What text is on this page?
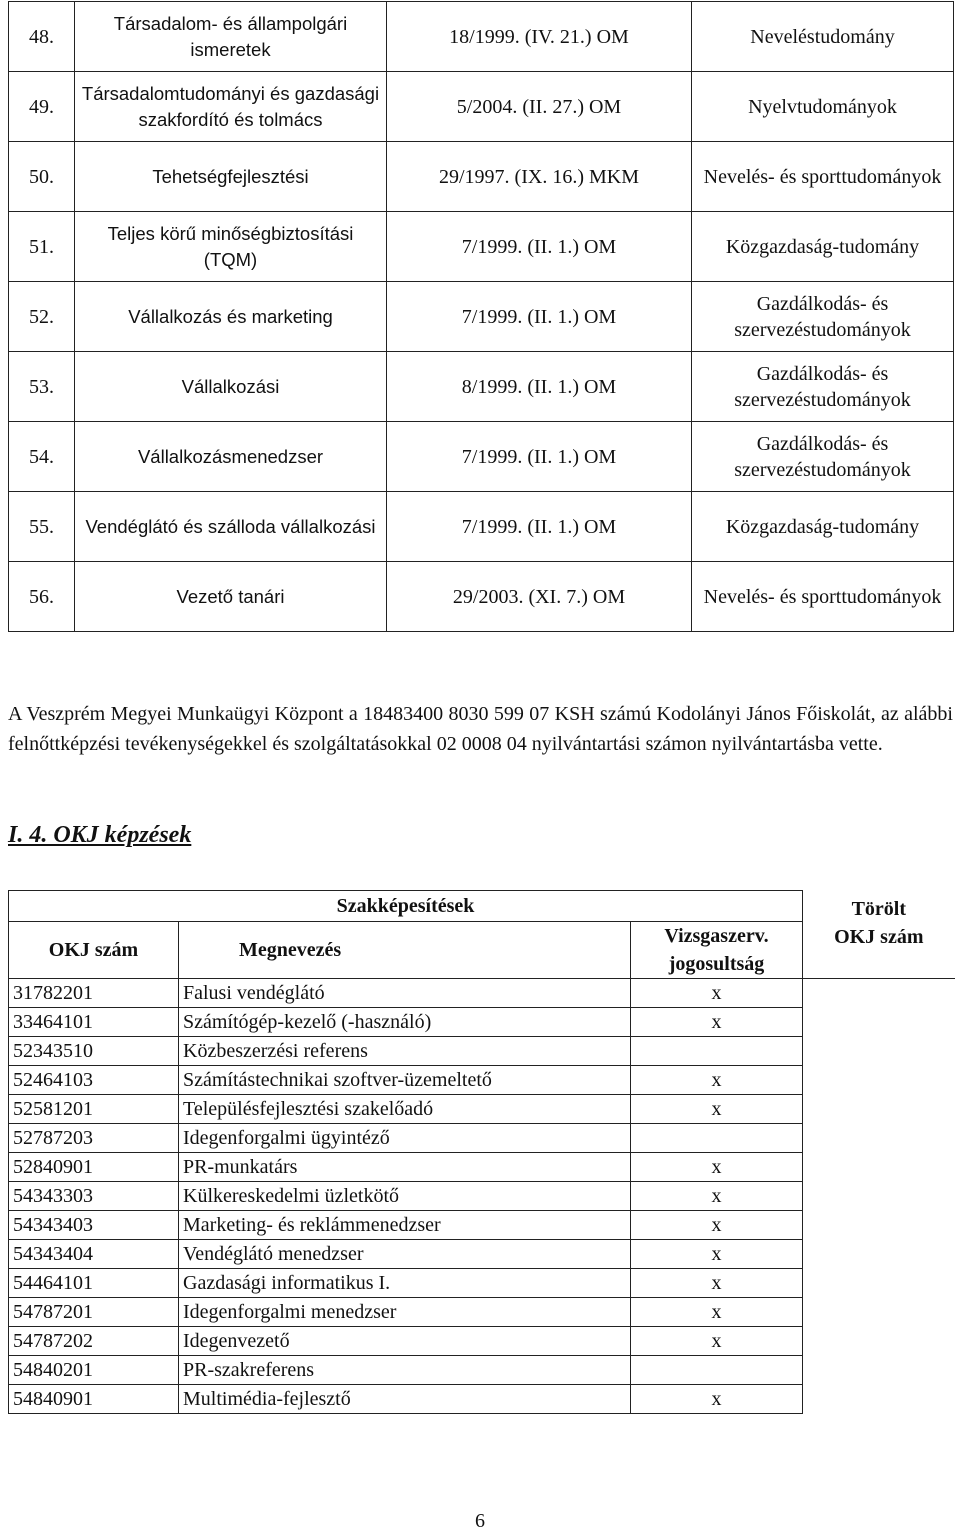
48.	Társadalom- és állampolgári ismeretek	18/1999. (IV. 21.) OM	Neveléstudomány
49.	Társadalomtudományi és gazdasági szakfordító és tolmács	5/2004. (II. 27.) OM	Nyelvtudományok
50.	Tehetségfejlesztési	29/1997. (IX. 16.) MKM	Nevelés- és sporttudományok
51.	Teljes körű minőségbiztosítási (TQM)	7/1999. (II. 1.) OM	Közgazdaság-tudomány
52.	Vállalkozás és marketing	7/1999. (II. 1.) OM	Gazdálkodás- és szervezéstudományok
53.	Vállalkozási	8/1999. (II. 1.) OM	Gazdálkodás- és szervezéstudományok
54.	Vállalkozásmenedzser	7/1999. (II. 1.) OM	Gazdálkodás- és szervezéstudományok
55.	Vendéglátó és szálloda vállalkozási	7/1999. (II. 1.) OM	Közgazdaság-tudomány
56.	Vezető tanári	29/2003. (XI. 7.) OM	Nevelés- és sporttudományok

A Veszprém Megyei Munkaügyi Központ a 18483400 8030 599 07 KSH számú Kodolányi János Főiskolát, az alábbi felnőttképzési tevékenységekkel és szolgáltatásokkal 02 0008 04 nyilvántartási számon nyilvántartásba vette.

I. 4. OKJ képzések
Szakképesítések			Törölt
OKJ szám
OKJ szám	Megnevezés	Vizsgaszerv.
jogosultság	
31782201	Falusi vendéglátó	x	
33464101	Számítógép-kezelő (-használó)	x	
52343510	Közbeszerzési referens		
52464103	Számítástechnikai szoftver-üzemeltető	x	
52581201	Településfejlesztési szakelőadó	x	
52787203	Idegenforgalmi ügyintéző		
52840901	PR-munkatárs	x	
54343303	Külkereskedelmi üzletkötő	x	
54343403	Marketing- és reklámmenedzser	x	
54343404	Vendéglátó menedzser	x	
54464101	Gazdasági informatikus I.	x	
54787201	Idegenforgalmi menedzser	x	
54787202	Idegenvezető	x	
54840201	PR-szakreferens		
54840901	Multimédia-fejlesztő	x	
6
